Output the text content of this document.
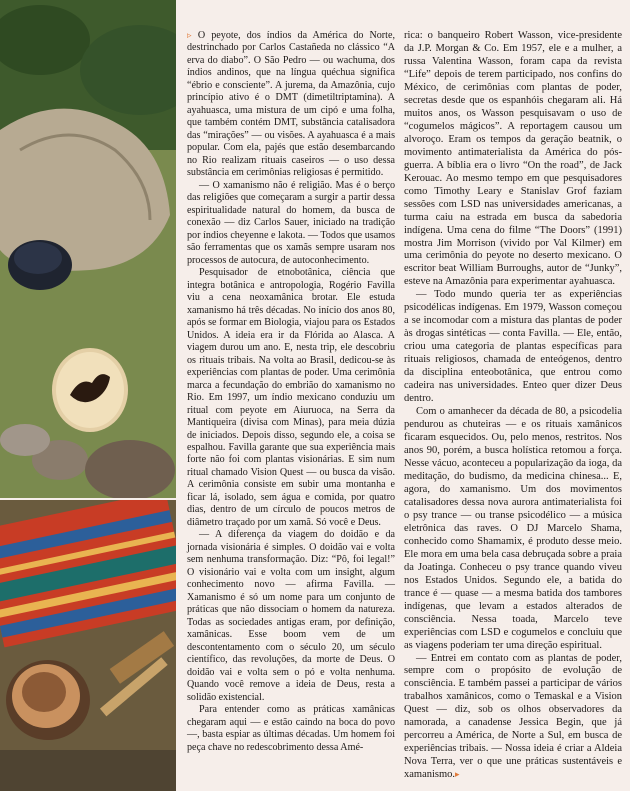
▹ O peyote, dos índios da América do Norte, destrinchado por Carlos Castañeda no clássico “A erva do diabo”. O São Pedro — ou wachuma, dos índios andinos, que na língua quéchua significa “ébrio e consciente”. A jurema, da Amazônia, cujo princípio ativo é o DMT (dimetiltriptamina). A ayahuasca, uma mistura de um cipó e uma folha, que também contém DMT, substância catalisadora das “mirações” — ou visões. A ayahuasca é a mais popular. Com ela, pajés que estão desembarcando no Rio realizam rituais caseiros — o uso dessa substância em cerimônias religiosas é permitido.

— O xamanismo não é religião. Mas é o berço das religiões que começaram a surgir a partir dessa espiritualidade natural do homem, da busca de conexão — diz Carlos Sauer, iniciado na tradição por índios cheyenne e lakota. — Todos que usamos são ferramentas que os xamãs sempre usaram nos processos de autocura, de autoconhecimento.

Pesquisador de etnobotânica, ciência que integra botânica e antropologia, Rogério Favilla viu a cena neoxamânica brotar. Ele estuda xamanismo há três décadas. No início dos anos 80, após se formar em Biologia, viajou para os Estados Unidos. A ideia era ir da Flórida ao Alasca. A viagem durou um ano. E, nesta trip, ele descobriu os rituais tribais. Na volta ao Brasil, dedicou-se às experiências com plantas de poder. Uma cerimônia marca a fecundação do embrião do xamanismo no Rio. Em 1997, um índio mexicano conduziu um ritual com peyote em Aiuruoca, na Serra da Mantiqueira (divisa com Minas), para meia dúzia de iniciados. Depois disso, segundo ele, a coisa se espalhou. Favilla garante que sua experiência mais forte não foi com plantas visionárias. E sim num ritual chamado Vision Quest — ou busca da visão. A cerimônia consiste em subir uma montanha e ficar lá, isolado, sem água e comida, por quatro dias, dentro de um círculo de poucos metros de diâmetro traçado por um xamã. Só você e Deus.

— A diferença da viagem do doidão e da jornada visionária é simples. O doidão vai e volta sem nenhuma transformação. Diz: “Pô, foi legal!” O visionário vai e volta com um insight, algum conhecimento novo — afirma Favilla. — Xamanismo é só um nome para um conjunto de práticas que não dissociam o homem da natureza. Todas as sociedades antigas eram, por definição, xamânicas. Esse boom vem de um descontentamento com o século 20, um século científico, das revoluções, da morte de Deus. O doidão vai e volta sem o pó e volta nenhuma. Quando você remove a ideia de Deus, resta a solidão existencial.

Para entender como as práticas xamânicas chegaram aqui — e estão caindo na boca do povo —, basta espiar as últimas décadas. Um homem foi peça chave no redescobrimento dessa Amé-

rica: o banqueiro Robert Wasson, vice-presidente da J.P. Morgan & Co. Em 1957, ele e a mulher, a russa Valentina Wasson, foram capa da revista “Life” depois de terem participado, nos confins do México, de cerimônias com plantas de poder, secretas desde que os espanhóis chegaram ali. Há muitos anos, os Wasson pesquisavam o uso de “cogumelos mágicos”. A reportagem causou um alvoroço. Eram os tempos da geração beatnik, o movimento antimaterialista da América do pós-guerra. A bíblia era o livro “On the road”, de Jack Kerouac. Ao mesmo tempo em que pesquisadores como Timothy Leary e Stanislav Grof faziam sessões com LSD nas universidades americanas, a turma caiu na estrada em busca da sabedoria indígena. Uma cena do filme “The Doors” (1991) mostra Jim Morrison (vivido por Val Kilmer) em uma cerimônia do peyote no deserto mexicano. O escritor beat William Burroughs, autor de “Junky”, esteve na Amazônia para experimentar ayahuasca.

— Todo mundo queria ter as experiências psicodélicas indígenas. Em 1979, Wasson começou a se incomodar com a mistura das plantas de poder às drogas sintéticas — conta Favilla. — Ele, então, criou uma categoria de plantas específicas para rituais religiosos, chamada de enteógenos, dentro da disciplina enteobotânica, que entrou como cadeira nas universidades. Enteo quer dizer Deus dentro.

Com o amanhecer da década de 80, a psicodelia pendurou as chuteiras — e os rituais xamânicos ficaram esquecidos. Ou, pelo menos, restritos. Nos anos 90, porém, a busca holística retomou a força. Nesse vácuo, aconteceu a popularização da ioga, da meditação, do budismo, da medicina chinesa... E, agora, do xamanismo. Um dos movimentos catalisadores dessa nova aurora antimaterialista foi o psy trance — ou transe psicodélico — a música eletrônica das raves. O DJ Marcelo Shama, conhecido como Shamamix, é produto desse meio. Ele mora em uma bela casa debruçada sobre a praia da Joatinga. Conheceu o psy trance quando viveu nos Estados Unidos. Segundo ele, a batida do trance é — quase — a mesma batida dos tambores indígenas, que levam a estados alterados de consciência. Nessa toada, Marcelo teve experiências com LSD e cogumelos e concluiu que as viagens poderiam ter uma direção espiritual.

— Entrei em contato com as plantas de poder, sempre com o propósito de evolução de consciência. E também passei a participar de vários trabalhos xamânicos, como o Temaskal e a Vision Quest — diz, sob os olhos observadores da namorada, a canadense Jessica Begin, que já percorreu a América, de Norte a Sul, em busca de experiências tribais. — Nossa ideia é criar a Aldeia Nova Terra, ver o que une práticas sustentáveis e xamanismo.▸
